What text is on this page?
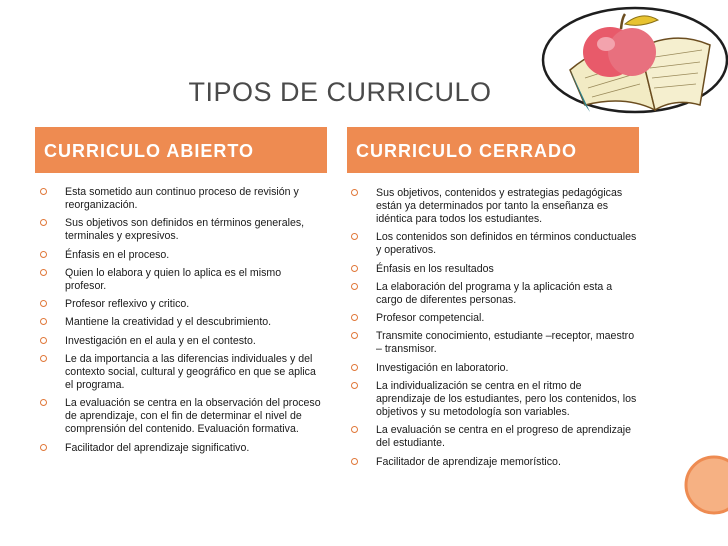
TIPOS DE CURRICULO
CURRICULO ABIERTO	CURRICULO CERRADO
Esta sometido aun continuo proceso de revisión y reorganización.
Sus objetivos son definidos en términos generales, terminales y expresivos.
Énfasis en el proceso.
Quien lo elabora y quien lo aplica es el mismo profesor.
Profesor reflexivo y critico.
Mantiene la creatividad y el descubrimiento.
Investigación en el aula y en el contesto.
Le da importancia a las diferencias individuales y del contexto social, cultural y geográfico en que se aplica el programa.
La evaluación se centra en la observación del proceso de aprendizaje, con el fin de determinar el nivel de comprensión del contenido. Evaluación formativa.
Facilitador del aprendizaje significativo.
Sus objetivos, contenidos y estrategias pedagógicas están ya determinados por tanto la enseñanza es idéntica para todos los estudiantes.
Los contenidos son definidos en términos conductuales y operativos.
Énfasis en los resultados
La elaboración del programa y la aplicación esta a cargo de diferentes personas.
Profesor competencial.
Transmite conocimiento, estudiante –receptor, maestro – transmisor.
Investigación en laboratorio.
La individualización se centra en el ritmo de aprendizaje de los estudiantes, pero los contenidos, los objetivos y su metodología son variables.
La evaluación se centra en el progreso de aprendizaje del estudiante.
Facilitador de aprendizaje memorístico.
